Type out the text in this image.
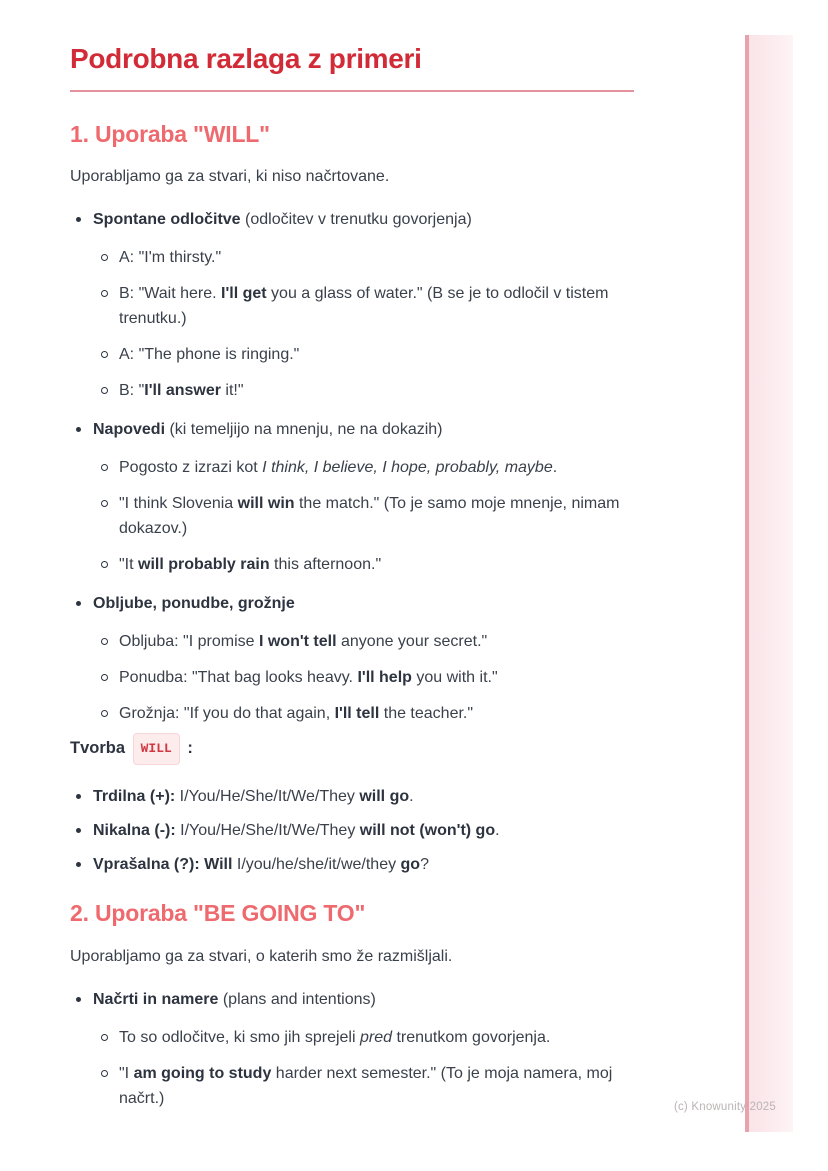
Podrobna razlaga z primeri
1. Uporaba "WILL"

Uporabljamo ga za stvari, ki niso načrtovane.

Spontane odločitve (odločitev v trenutku govorjenja)
A: "I'm thirsty."
B: "Wait here. I'll get you a glass of water." (B se je to odločil v tistem trenutku.)
A: "The phone is ringing."
B: "I'll answer it!"
Napovedi (ki temeljijo na mnenju, ne na dokazih)
Pogosto z izrazi kot I think, I believe, I hope, probably, maybe.
"I think Slovenia will win the match." (To je samo moje mnenje, nimam dokazov.)
"It will probably rain this afternoon."
Obljube, ponudbe, grožnje
Obljuba: "I promise I won't tell anyone your secret."
Ponudba: "That bag looks heavy. I'll help you with it."
Grožnja: "If you do that again, I'll tell the teacher."

Tvorba WILL :

Trdilna (+): I/You/He/She/It/We/They will go.
Nikalna (-): I/You/He/She/It/We/They will not (won't) go.
Vprašalna (?): Will I/you/he/she/it/we/they go?
2. Uporaba "BE GOING TO"

Uporabljamo ga za stvari, o katerih smo že razmišljali.

Načrti in namere (plans and intentions)
To so odločitve, ki smo jih sprejeli pred trenutkom govorjenja.
"I am going to study harder next semester." (To je moja namera, moj načrt.)	(c) Knowunity 2025
